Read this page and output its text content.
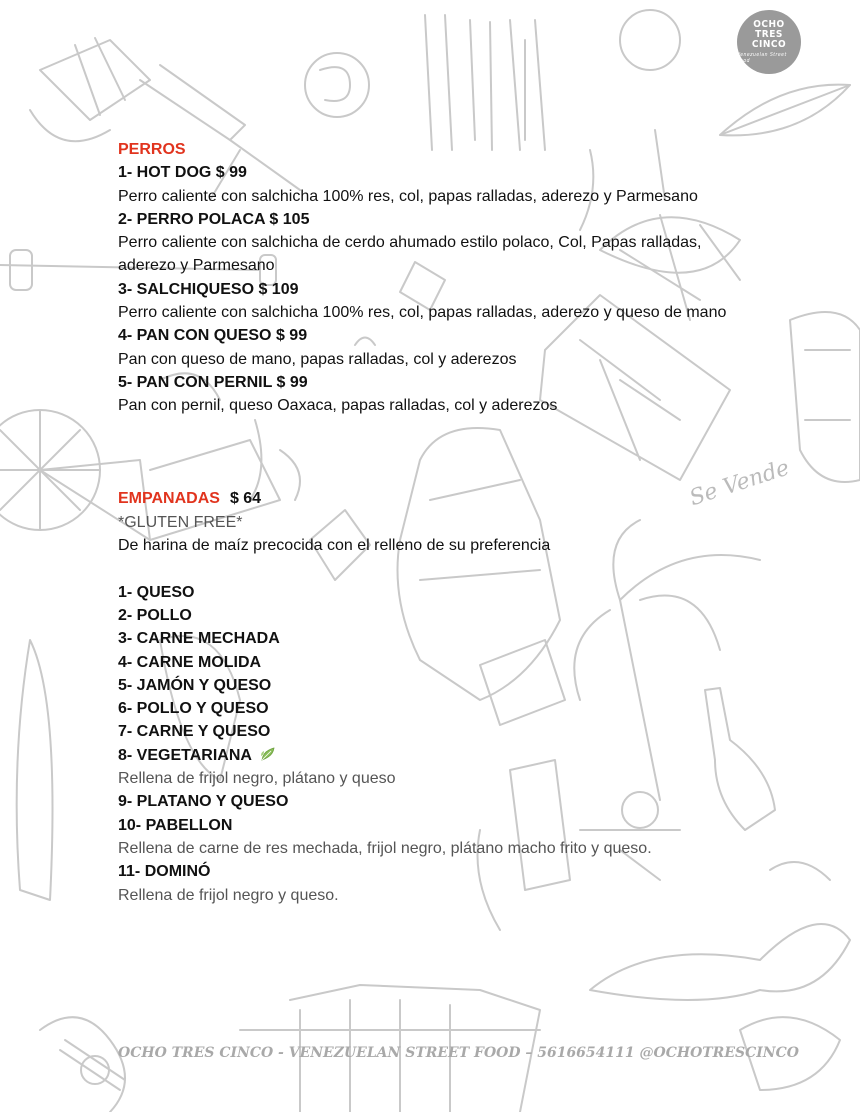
Se Vende
OCHO
TRES
CINCO
Venezuelan Street Food
PERROS
1- HOT DOG $ 99
Perro caliente con salchicha 100% res, col, papas ralladas, aderezo y Parmesano
2- PERRO POLACA $ 105
Perro caliente con salchicha de cerdo ahumado estilo polaco, Col, Papas ralladas, aderezo y Parmesano
3- SALCHIQUESO $ 109
Perro caliente con salchicha 100% res, col, papas ralladas, aderezo y queso de mano
4- PAN CON QUESO $ 99
Pan con queso de mano, papas ralladas, col y aderezos
5- PAN CON PERNIL $ 99
Pan con pernil, queso Oaxaca, papas ralladas, col y aderezos
EMPANADAS $ 64
*GLUTEN FREE*
De harina de maíz precocida con el relleno de su preferencia
1- QUESO
2- POLLO
3- CARNE MECHADA
4- CARNE MOLIDA
5- JAMÓN Y QUESO
6- POLLO Y QUESO
7- CARNE Y QUESO
8- VEGETARIANA
Rellena de frijol negro, plátano y queso
9- PLATANO Y QUESO
10- PABELLON
Rellena de carne de res mechada, frijol negro, plátano macho frito y queso.
11- DOMINÓ
Rellena de frijol negro y queso.
OCHO TRES CINCO - VENEZUELAN STREET FOOD – 5616654111 @OCHOTRESCINCO
